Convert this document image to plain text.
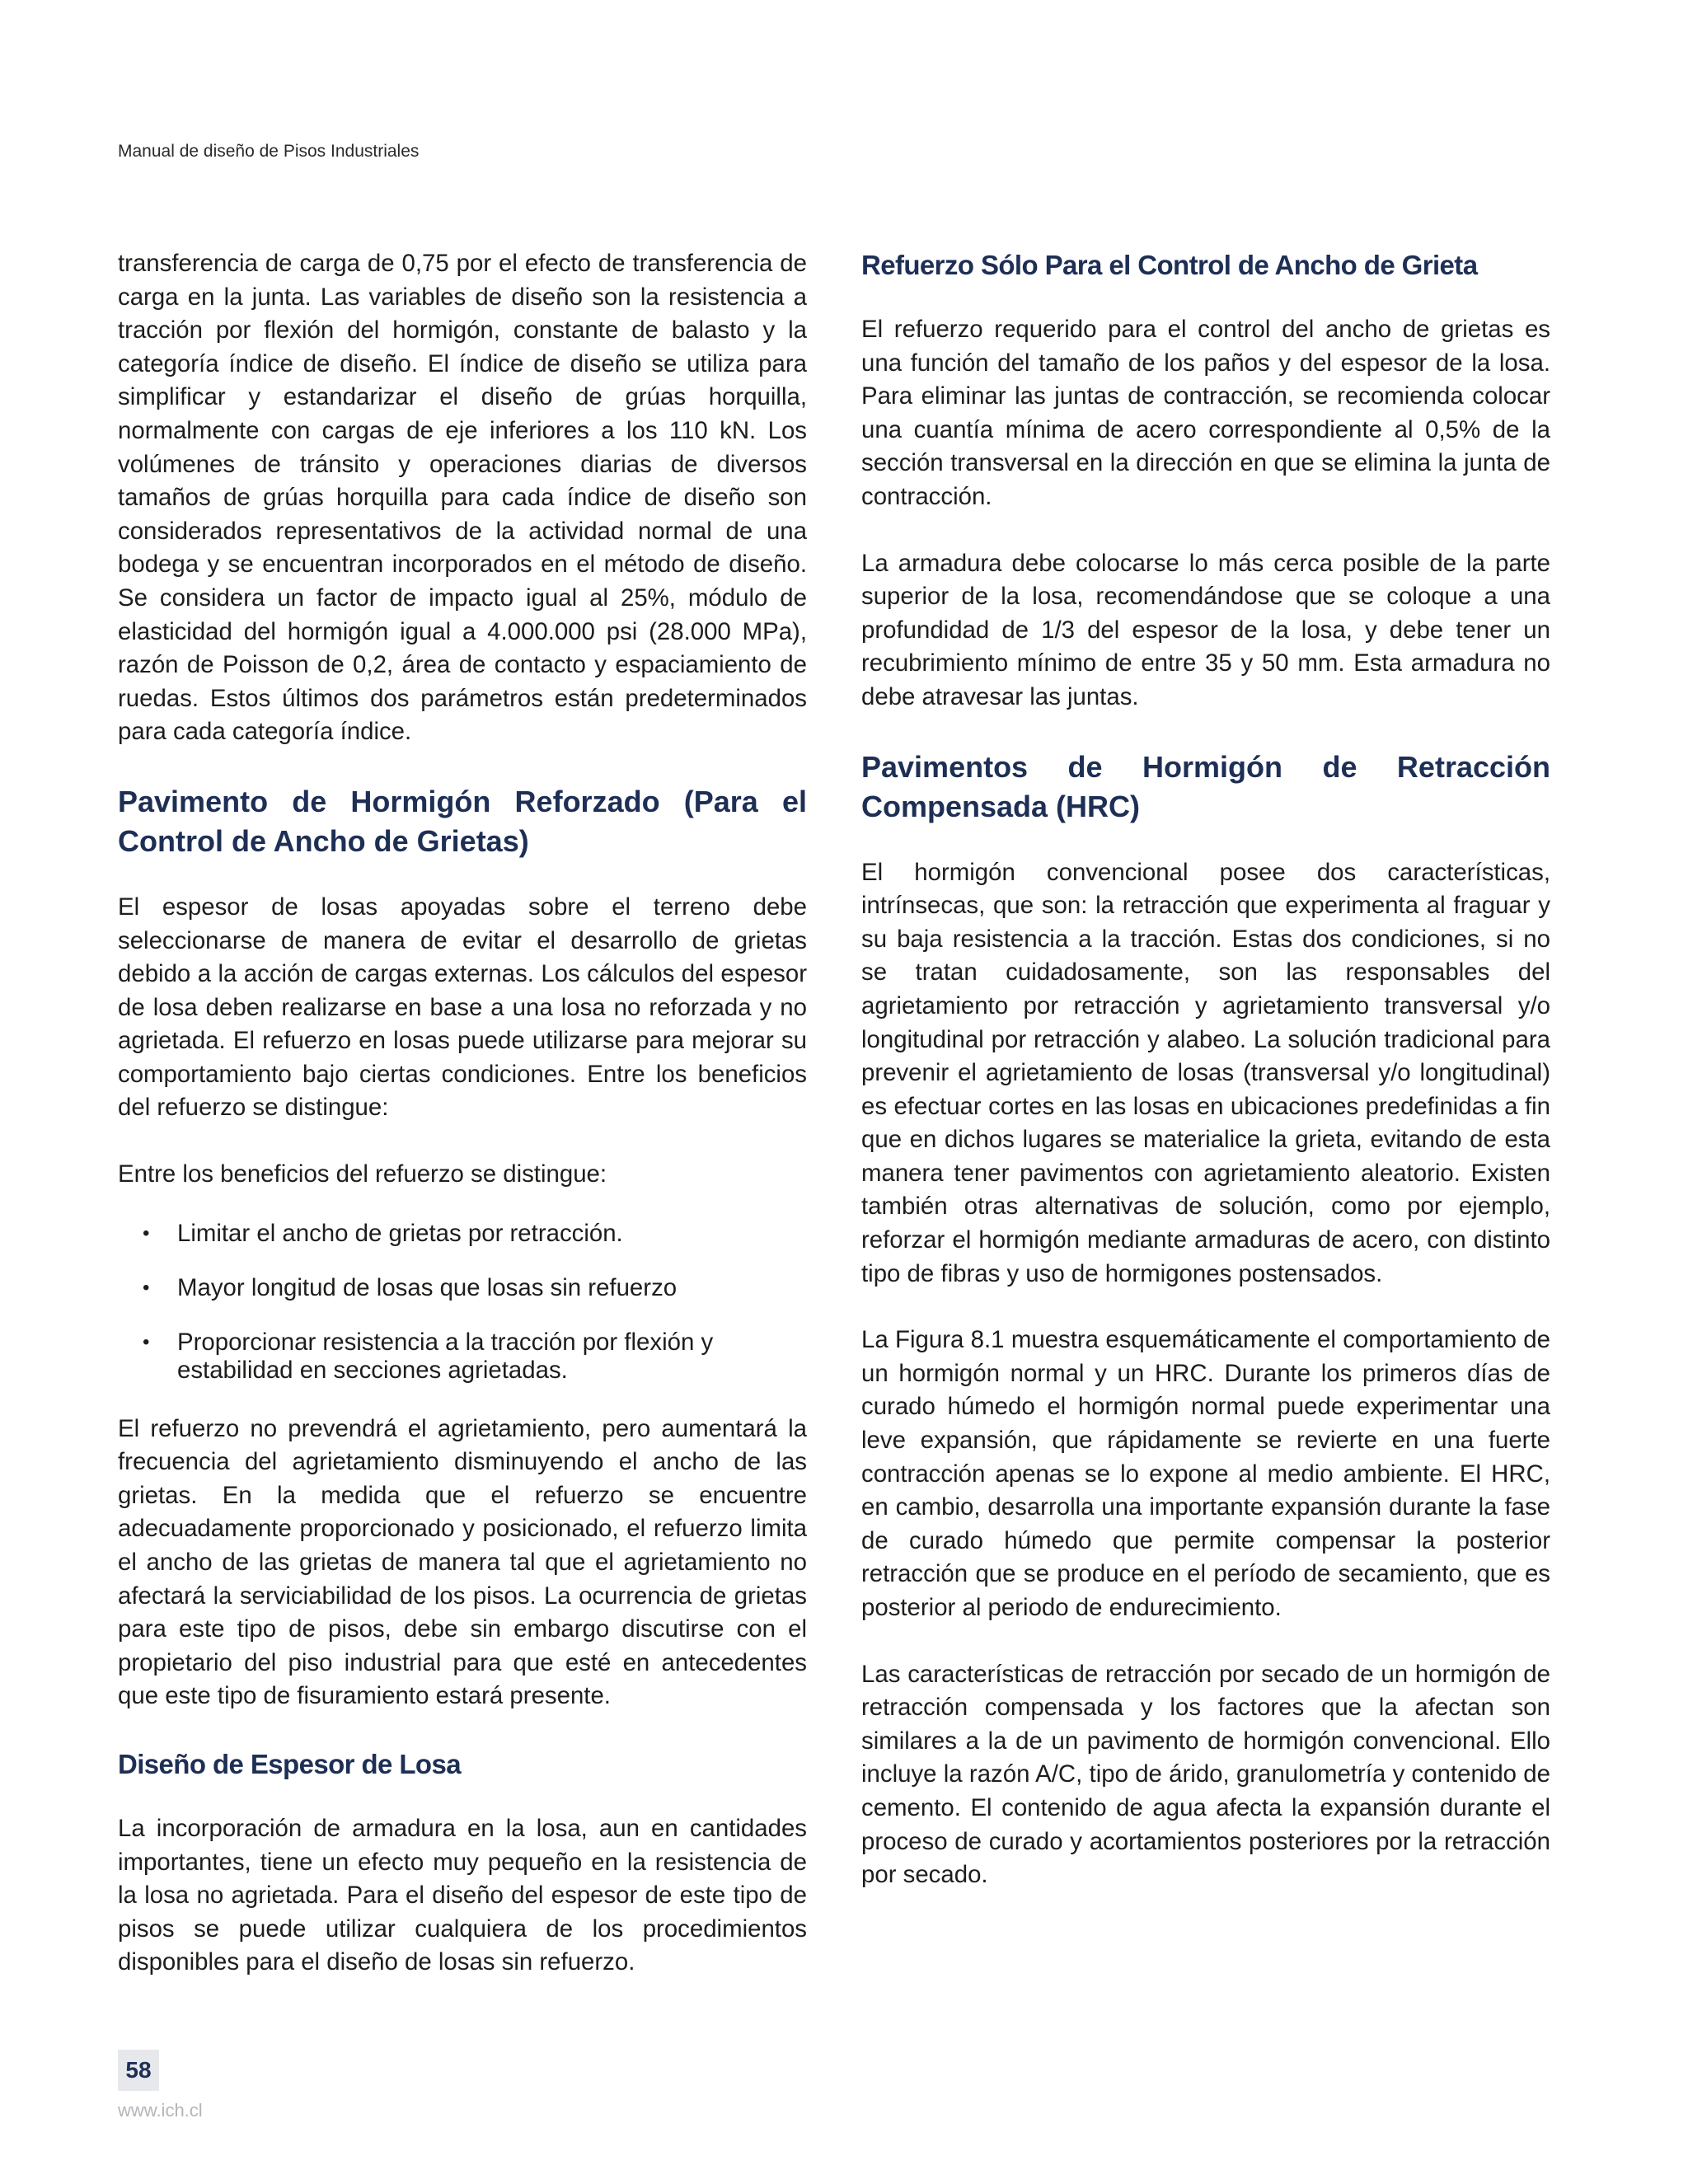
Manual de diseño de Pisos Industriales

transferencia de carga de 0,75 por el efecto de transferencia de carga en la junta. Las variables de diseño son la resistencia a tracción por flexión del hormigón, constante de balasto y la categoría índice de diseño. El índice de diseño se utiliza para simplificar y estandarizar el diseño de grúas horquilla, normalmente con cargas de eje inferiores a los 110 kN. Los volúmenes de tránsito y operaciones diarias de diversos tamaños de grúas horquilla para cada índice de diseño son considerados representativos de la actividad normal de una bodega y se encuentran incorporados en el método de diseño. Se considera un factor de impacto igual al 25%, módulo de elasticidad del hormigón igual a 4.000.000 psi (28.000 MPa), razón de Poisson de 0,2, área de contacto y espaciamiento de ruedas. Estos últimos dos parámetros están predeterminados para cada categoría índice.

Pavimento de Hormigón Reforzado (Para el Control de Ancho de Grietas)

El espesor de losas apoyadas sobre el terreno debe seleccionarse de manera de evitar el desarrollo de grietas debido a la acción de cargas externas. Los cálculos del espesor de losa deben realizarse en base a una losa no reforzada y no agrietada. El refuerzo en losas puede utilizarse para mejorar su comportamiento bajo ciertas condiciones. Entre los beneficios del refuerzo se distingue:

Entre los beneficios del refuerzo se distingue:

• Limitar el ancho de grietas por retracción.
• Mayor longitud de losas que losas sin refuerzo
• Proporcionar resistencia a la tracción por flexión y estabilidad en secciones agrietadas.

El refuerzo no prevendrá el agrietamiento, pero aumentará la frecuencia del agrietamiento disminuyendo el ancho de las grietas. En la medida que el refuerzo se encuentre adecuadamente proporcionado y posicionado, el refuerzo limita el ancho de las grietas de manera tal que el agrietamiento no afectará la serviciabilidad de los pisos. La ocurrencia de grietas para este tipo de pisos, debe sin embargo discutirse con el propietario del piso industrial para que esté en antecedentes que este tipo de fisuramiento estará presente.

Diseño de Espesor de Losa

La incorporación de armadura en la losa, aun en cantidades importantes, tiene un efecto muy pequeño en la resistencia de la losa no agrietada. Para el diseño del espesor de este tipo de pisos se puede utilizar cualquiera de los procedimientos disponibles para el diseño de losas sin refuerzo.

Refuerzo Sólo Para el Control de Ancho de Grieta

El refuerzo requerido para el control del ancho de grietas es una función del tamaño de los paños y del espesor de la losa. Para eliminar las juntas de contracción, se recomienda colocar una cuantía mínima de acero correspondiente al 0,5% de la sección transversal en la dirección en que se elimina la junta de contracción.

La armadura debe colocarse lo más cerca posible de la parte superior de la losa, recomendándose que se coloque a una profundidad de 1/3 del espesor de la losa, y debe tener un recubrimiento mínimo de entre 35 y 50 mm. Esta armadura no debe atravesar las juntas.

Pavimentos de Hormigón de Retracción Compensada (HRC)

El hormigón convencional posee dos características, intrínsecas, que son: la retracción que experimenta al fraguar y su baja resistencia a la tracción. Estas dos condiciones, si no se tratan cuidadosamente, son las responsables del agrietamiento por retracción y agrietamiento transversal y/o longitudinal por retracción y alabeo. La solución tradicional para prevenir el agrietamiento de losas (transversal y/o longitudinal) es efectuar cortes en las losas en ubicaciones predefinidas a fin que en dichos lugares se materialice la grieta, evitando de esta manera tener pavimentos con agrietamiento aleatorio. Existen también otras alternativas de solución, como por ejemplo, reforzar el hormigón mediante armaduras de acero, con distinto tipo de fibras y uso de hormigones postensados.

La Figura 8.1 muestra esquemáticamente el comportamiento de un hormigón normal y un HRC. Durante los primeros días de curado húmedo el hormigón normal puede experimentar una leve expansión, que rápidamente se revierte en una fuerte contracción apenas se lo expone al medio ambiente. El HRC, en cambio, desarrolla una importante expansión durante la fase de curado húmedo que permite compensar la posterior retracción que se produce en el período de secamiento, que es posterior al periodo de endurecimiento.

Las características de retracción por secado de un hormigón de retracción compensada y los factores que la afectan son similares a la de un pavimento de hormigón convencional. Ello incluye la razón A/C, tipo de árido, granulometría y contenido de cemento. El contenido de agua afecta la expansión durante el proceso de curado y acortamientos posteriores por la retracción por secado.

58
www.ich.cl
